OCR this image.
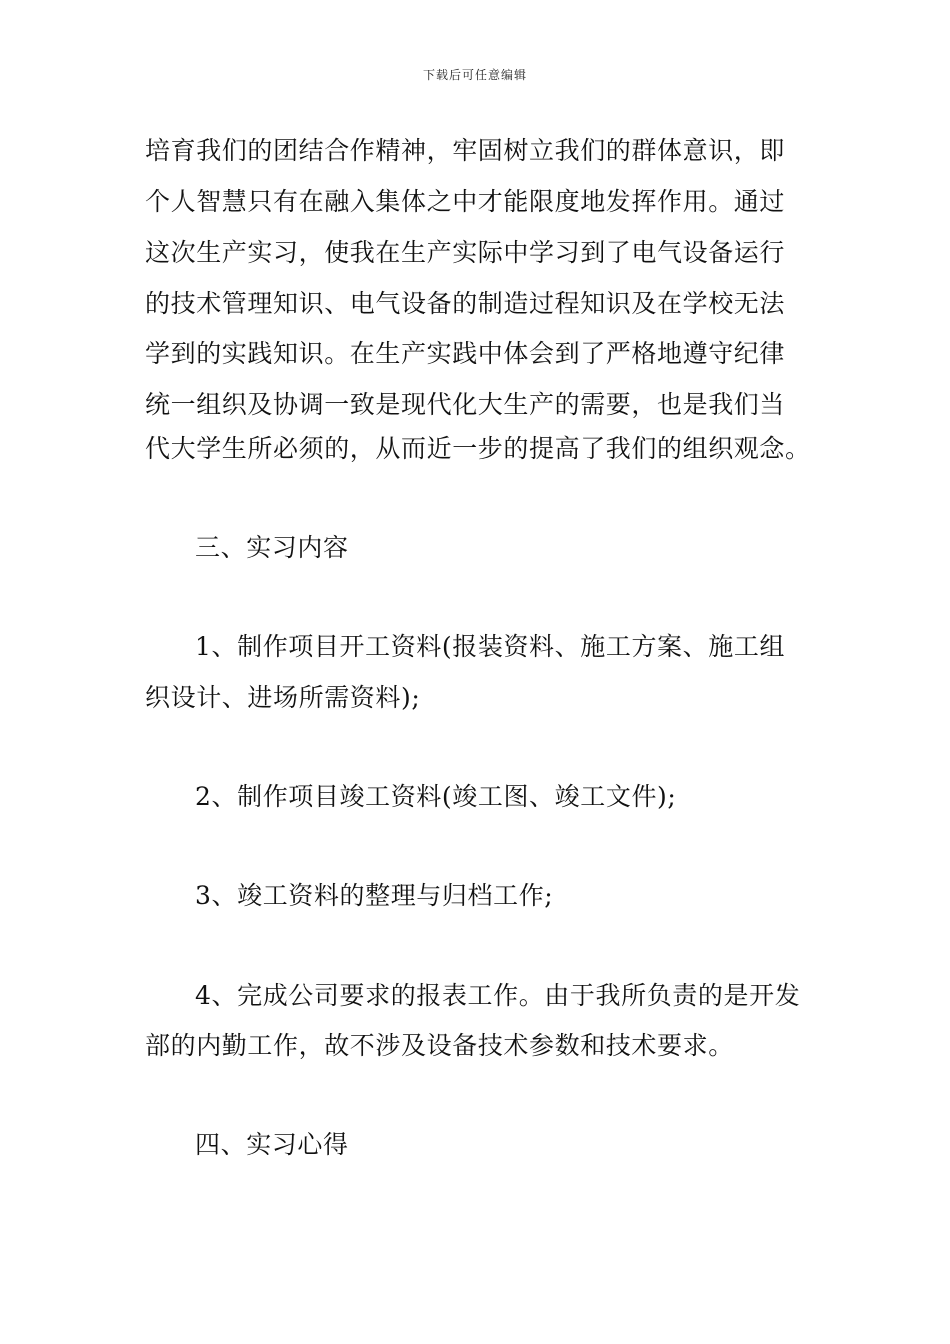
下载后可任意编辑
培育我们的团结合作精神，牢固树立我们的群体意识，即
个人智慧只有在融入集体之中才能限度地发挥作用。通过
这次生产实习，使我在生产实际中学习到了电气设备运行
的技术管理知识、电气设备的制造过程知识及在学校无法
学到的实践知识。在生产实践中体会到了严格地遵守纪律
统一组织及协调一致是现代化大生产的需要，也是我们当
代大学生所必须的，从而近一步的提高了我们的组织观念。
三、实习内容
1、制作项目开工资料(报装资料、施工方案、施工组
织设计、进场所需资料);
2、制作项目竣工资料(竣工图、竣工文件);
3、竣工资料的整理与归档工作;
4、完成公司要求的报表工作。由于我所负责的是开发
部的内勤工作，故不涉及设备技术参数和技术要求。
四、实习心得
